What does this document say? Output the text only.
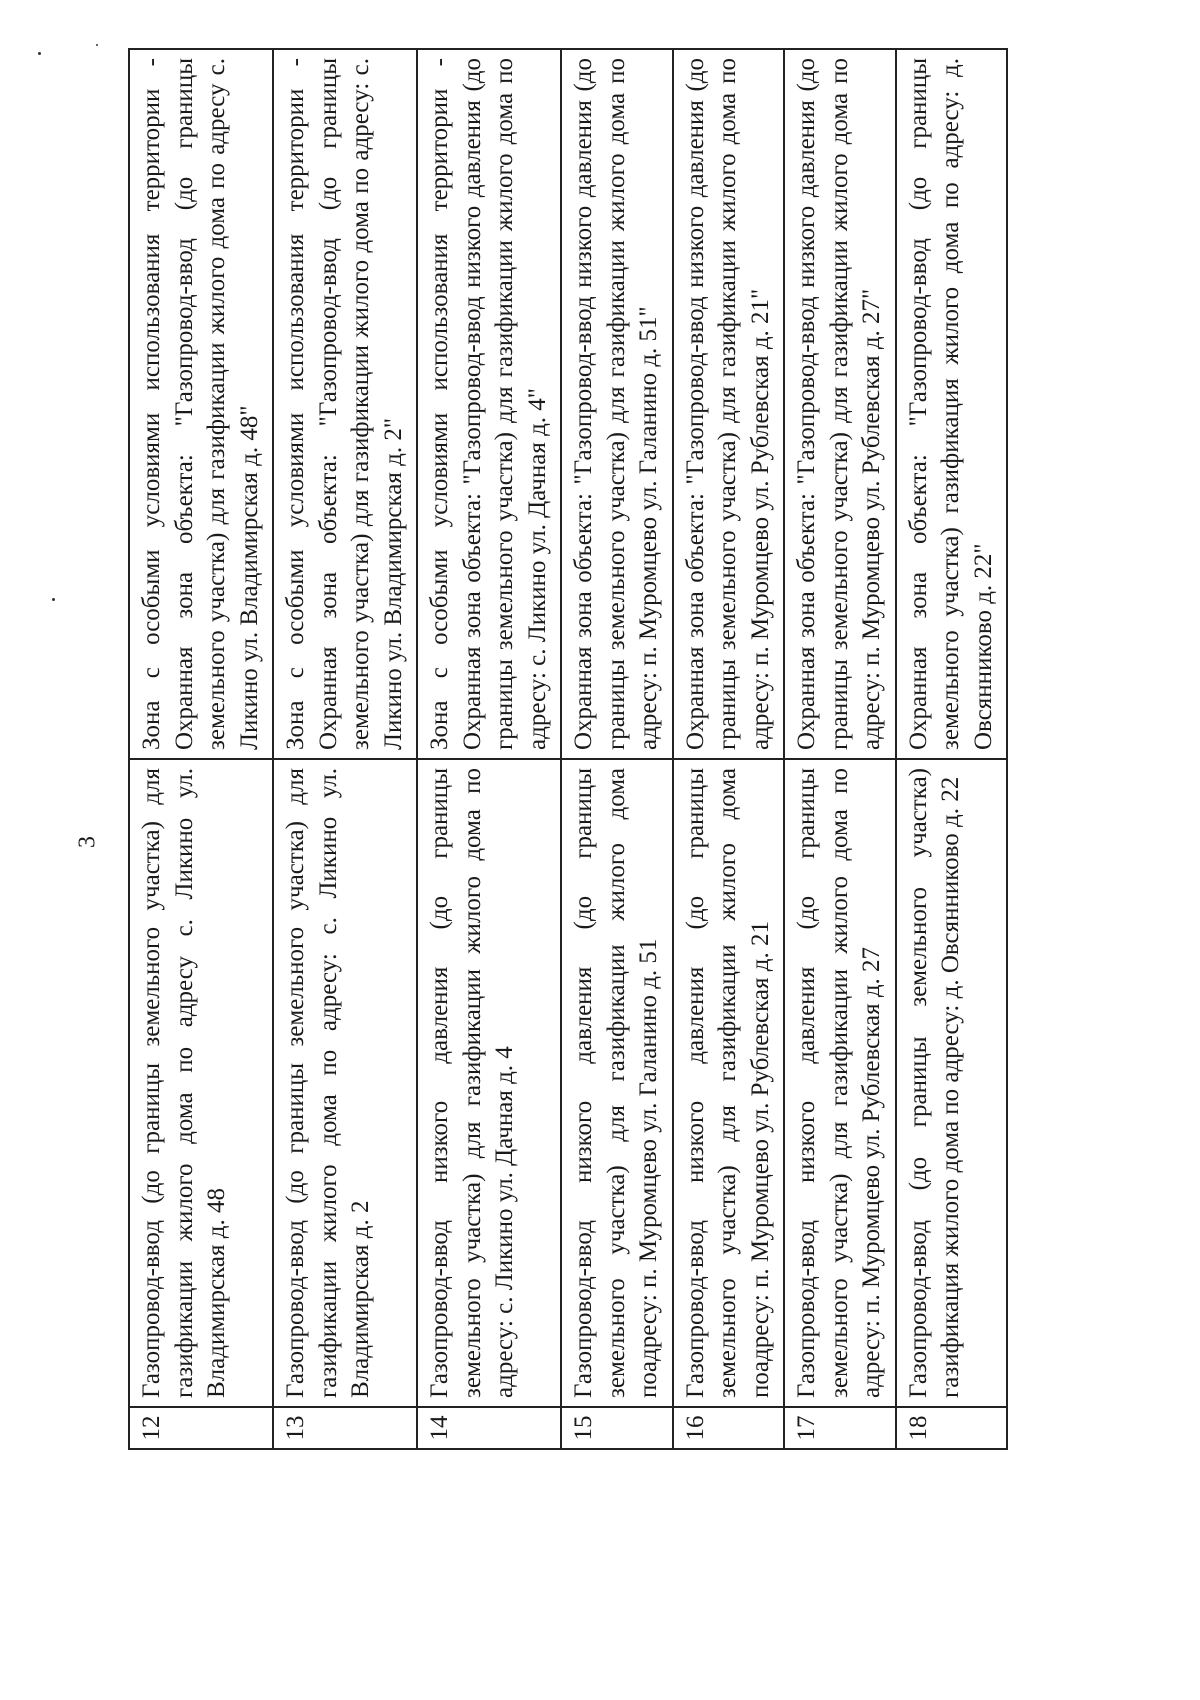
3
12	Газопровод-ввод (до границы земельного участка) для газификации жилого дома по адресу с. Ликино ул. Владимирская д. 48	Зона с особыми условиями использования территории - Охранная зона объекта: "Газопровод-ввод (до границы земельного участка) для газификации жилого дома по адресу с. Ликино ул. Владимирская д. 48"
13	Газопровод-ввод (до границы земельного участка) для газификации жилого дома по адресу: с. Ликино ул. Владимирская д. 2	Зона с особыми условиями использования территории - Охранная зона объекта: "Газопровод-ввод (до границы земельного участка) для газификации жилого дома по адресу: с. Ликино ул. Владимирская д. 2"
14	Газопровод-ввод низкого давления (до границы земельного участка) для газификации жилого дома по адресу: с. Ликино ул. Дачная д. 4	Зона с особыми условиями использования территории - Охранная зона объекта: "Газопровод-ввод низкого давления (до границы земельного участка) для газификации жилого дома по адресу: с. Ликино ул. Дачная д. 4"
15	Газопровод-ввод низкого давления (до границы земельного участка) для газификации жилого дома поадресу: п. Муромцево ул. Галанино д. 51	Охранная зона объекта: "Газопровод-ввод низкого давления (до границы земельного участка) для газификации жилого дома по адресу: п. Муромцево ул. Галанино д. 51"
16	Газопровод-ввод низкого давления (до границы земельного участка) для газификации жилого дома поадресу: п. Муромцево ул. Рублевская д. 21	Охранная зона объекта: "Газопровод-ввод низкого давления (до границы земельного участка) для газификации жилого дома по адресу: п. Муромцево ул. Рублевская д. 21"
17	Газопровод-ввод низкого давления (до границы земельного участка) для газификации жилого дома по адресу: п. Муромцево ул. Рублевская д. 27	Охранная зона объекта: "Газопровод-ввод низкого давления (до границы земельного участка) для газификации жилого дома по адресу: п. Муромцево ул. Рублевская д. 27"
18	Газопровод-ввод (до границы земельного участка) газификация жилого дома по адресу: д. Овсянниково д. 22	Охранная зона объекта: "Газопровод-ввод (до границы земельного участка) газификация жилого дома по адресу: д. Овсянниково д. 22"
